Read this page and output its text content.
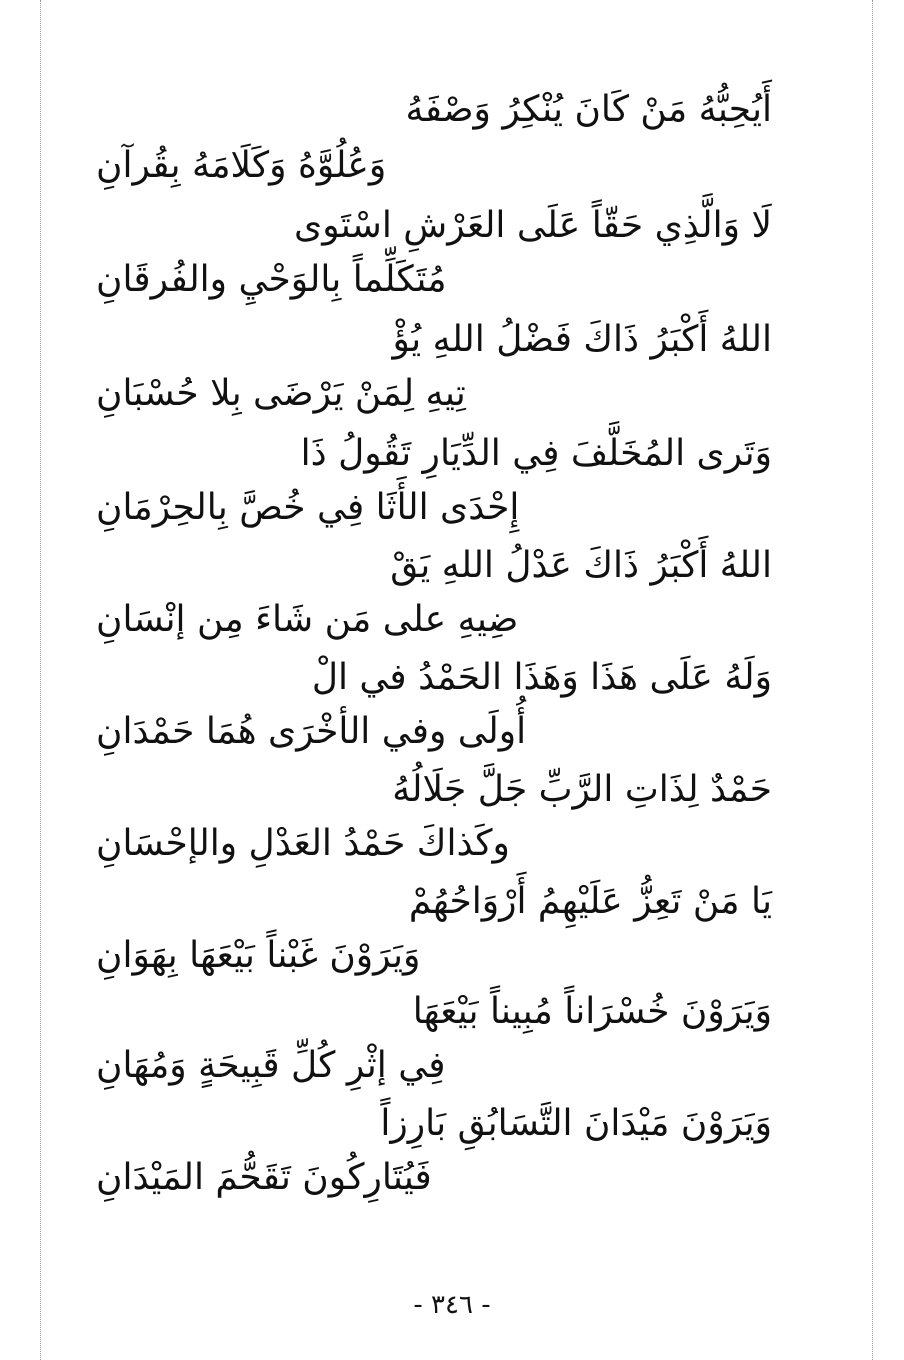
أَيُحِبُّهُ مَنْ كَانَ يُنْكِرُ وَصْفَهُ
وَعُلُوَّهُ وَكَلَامَهُ بِقُرآنِ
لَا وَالَّذِي حَقّاً عَلَى العَرْشِ اسْتَوى
مُتَكَلِّماً بِالوَحْيِ والفُرقَانِ
اللهُ أَكْبَرُ ذَاكَ فَضْلُ اللهِ يُؤْ
تِيهِ لِمَنْ يَرْضَى بِلا حُسْبَانِ
وَتَرى المُخَلَّفَ فِي الدِّيَارِ تَقُولُ ذَا
إِحْدَى الأَثَا فِي خُصَّ بِالحِرْمَانِ
اللهُ أَكْبَرُ ذَاكَ عَدْلُ اللهِ يَقْ
ضِيهِ على مَن شَاءَ مِن إنْسَانِ
وَلَهُ عَلَى هَذَا وَهَذَا الحَمْدُ في الْ
أُولَى وفي الأخْرَى هُمَا حَمْدَانِ
حَمْدٌ لِذَاتِ الرَّبِّ جَلَّ جَلَالُهُ
وكَذاكَ حَمْدُ العَدْلِ والإحْسَانِ
يَا مَنْ تَعِزُّ عَلَيْهِمُ أَرْوَاحُهُمْ
وَيَرَوْنَ غَبْناً بَيْعَهَا بِهَوَانِ
وَيَرَوْنَ خُسْرَاناً مُبِيناً بَيْعَهَا
فِي إثْرِ كُلِّ قَبِيحَةٍ وَمُهَانِ
وَيَرَوْنَ مَيْدَانَ التَّسَابُقِ بَارِزاً
فَيُتَارِكُونَ تَقَحُّمَ المَيْدَانِ
- ٣٤٦ -
